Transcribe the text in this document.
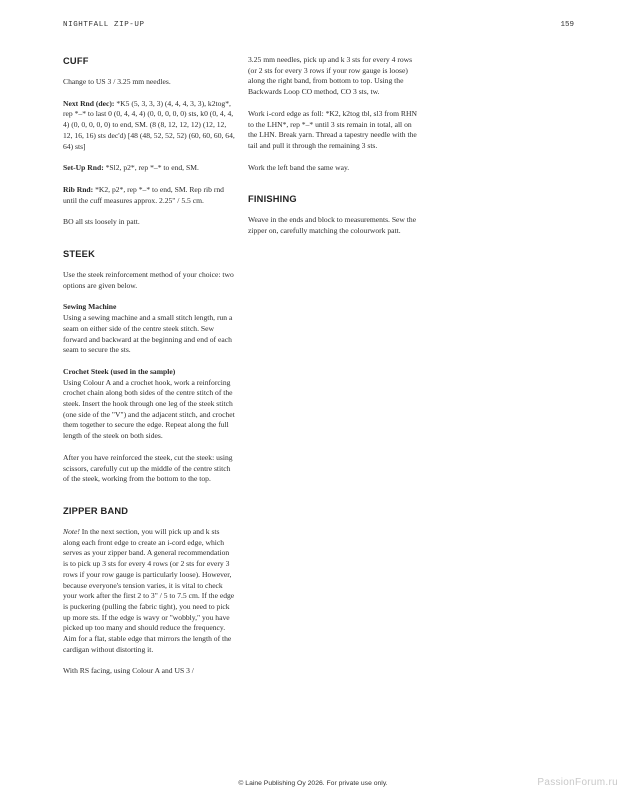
NIGHTFALL ZIP-UP	159
CUFF

Change to US 3 / 3.25 mm needles.

Next Rnd (dec): *K5 (5, 3, 3, 3) (4, 4, 4, 3, 3), k2tog*, rep *–* to last 0 (0, 4, 4, 4) (0, 0, 0, 0, 0) sts, k0 (0, 4, 4, 4) (0, 0, 0, 0, 0) to end, SM. (8 (8, 12, 12, 12) (12, 12, 12, 16, 16) sts dec'd) [48 (48, 52, 52, 52) (60, 60, 60, 64, 64) sts]

Set-Up Rnd: *Sl2, p2*, rep *–* to end, SM.

Rib Rnd: *K2, p2*, rep *–* to end, SM. Rep rib rnd until the cuff measures approx. 2.25" / 5.5 cm.

BO all sts loosely in patt.

STEEK

Use the steek reinforcement method of your choice: two options are given below.

Sewing Machine

Using a sewing machine and a small stitch length, run a seam on either side of the centre steek stitch. Sew forward and backward at the beginning and end of each seam to secure the sts.

Crochet Steek (used in the sample)

Using Colour A and a crochet hook, work a reinforcing crochet chain along both sides of the centre stitch of the steek. Insert the hook through one leg of the steek stitch (one side of the "V") and the adjacent stitch, and crochet them together to secure the edge. Repeat along the full length of the steek on both sides.

After you have reinforced the steek, cut the steek: using scissors, carefully cut up the middle of the centre stitch of the steek, working from the bottom to the top.

ZIPPER BAND

Note! In the next section, you will pick up and k sts along each front edge to create an i-cord edge, which serves as your zipper band. A general recommendation is to pick up 3 sts for every 4 rows (or 2 sts for every 3 rows if your row gauge is particularly loose). However, because everyone's tension varies, it is vital to check your work after the first 2 to 3" / 5 to 7.5 cm. If the edge is puckering (pulling the fabric tight), you need to pick up more sts. If the edge is wavy or "wobbly," you have picked up too many and should reduce the frequency. Aim for a flat, stable edge that mirrors the length of the cardigan without distorting it.

With RS facing, using Colour A and US 3 /

3.25 mm needles, pick up and k 3 sts for every 4 rows (or 2 sts for every 3 rows if your row gauge is loose) along the right band, from bottom to top. Using the Backwards Loop CO method, CO 3 sts, tw.

Work i-cord edge as foll: *K2, k2tog tbl, sl3 from RHN to the LHN*, rep *–* until 3 sts remain in total, all on the LHN. Break yarn. Thread a tapestry needle with the tail and pull it through the remaining 3 sts.

Work the left band the same way.

FINISHING

Weave in the ends and block to measurements. Sew the zipper on, carefully matching the colourwork patt.

© Laine Publishing Oy 2026. For private use only.	PassionForum.ru
